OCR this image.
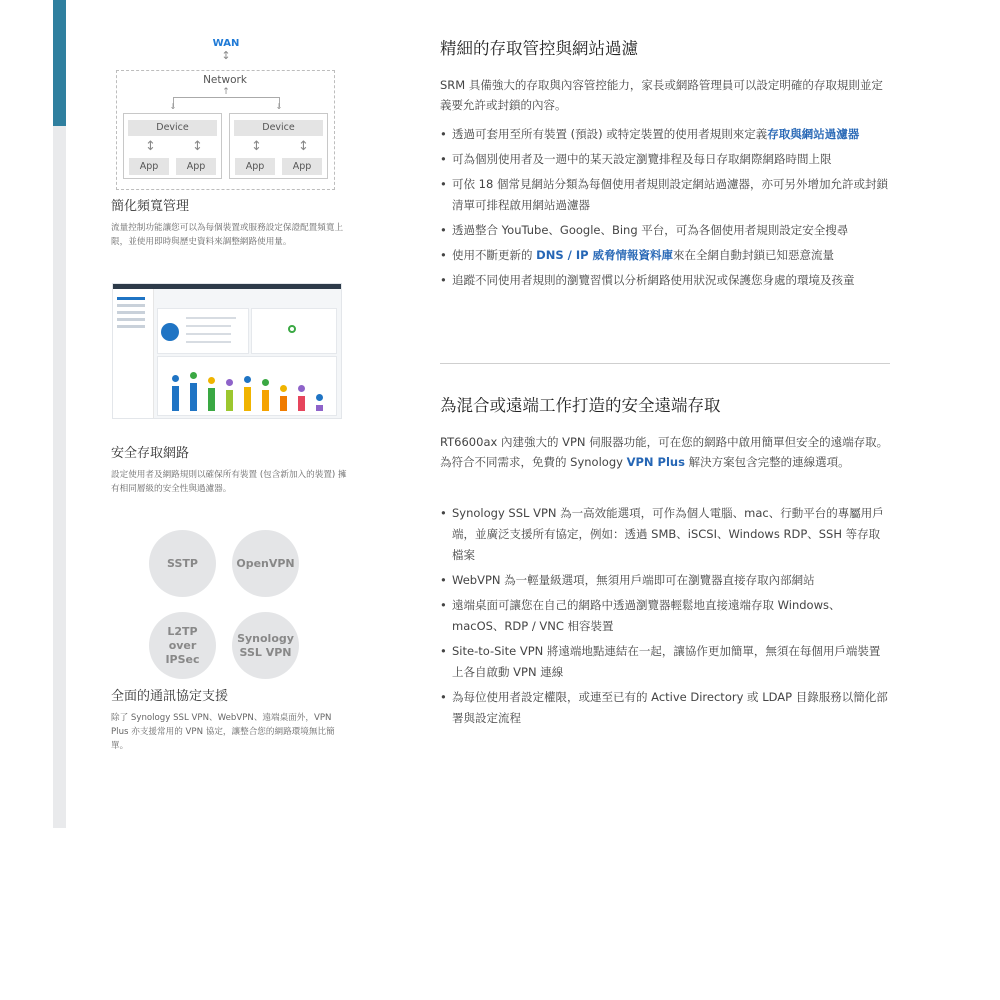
WAN
↕
Network
↑
↓	↓
Device
↕	↕
App	App
Device
↕	↕
App	App
簡化頻寬管理
流量控制功能讓您可以為每個裝置或服務設定保證配置頻寬上限，並使用即時與歷史資料來調整網路使用量。
安全存取網路
設定使用者及網路規則以確保所有裝置 (包含新加入的裝置) 擁有相同層級的安全性與過濾器。
SSTP	OpenVPN
L2TP over IPSec
Synology SSL VPN
全面的通訊協定支援
除了 Synology SSL VPN、WebVPN、遠端桌面外，VPN Plus 亦支援常用的 VPN 協定，讓整合您的網路環境無比簡單。
精細的存取管控與網站過濾
SRM 具備強大的存取與內容管控能力，家長或網路管理員可以設定明確的存取規則並定義要允許或封鎖的內容。
• 透過可套用至所有裝置 (預設) 或特定裝置的使用者規則來定義存取與網站過濾器
• 可為個別使用者及一週中的某天設定瀏覽排程及每日存取網際網路時間上限
• 可依 18 個常見網站分類為每個使用者規則設定網站過濾器，亦可另外增加允許或封鎖清單可排程啟用網站過濾器
• 透過整合 YouTube、Google、Bing 平台，可為各個使用者規則設定安全搜尋
• 使用不斷更新的 DNS / IP 威脅情報資料庫來在全網自動封鎖已知惡意流量
• 追蹤不同使用者規則的瀏覽習慣以分析網路使用狀況或保護您身處的環境及孩童
為混合或遠端工作打造的安全遠端存取
RT6600ax 內建強大的 VPN 伺服器功能，可在您的網路中啟用簡單但安全的遠端存取。為符合不同需求，免費的 Synology VPN Plus 解決方案包含完整的連線選項。
• Synology SSL VPN 為一高效能選項，可作為個人電腦、mac、行動平台的專屬用戶端，並廣泛支援所有協定，例如：透過 SMB、iSCSI、Windows RDP、SSH 等存取檔案
• WebVPN 為一輕量級選項，無須用戶端即可在瀏覽器直接存取內部網站
• 遠端桌面可讓您在自己的網路中透過瀏覽器輕鬆地直接遠端存取 Windows、macOS、RDP / VNC 相容裝置
• Site-to-Site VPN 將遠端地點連結在一起，讓協作更加簡單，無須在每個用戶端裝置上各自啟動 VPN 連線
• 為每位使用者設定權限，或連至已有的 Active Directory 或 LDAP 目錄服務以簡化部署與設定流程
